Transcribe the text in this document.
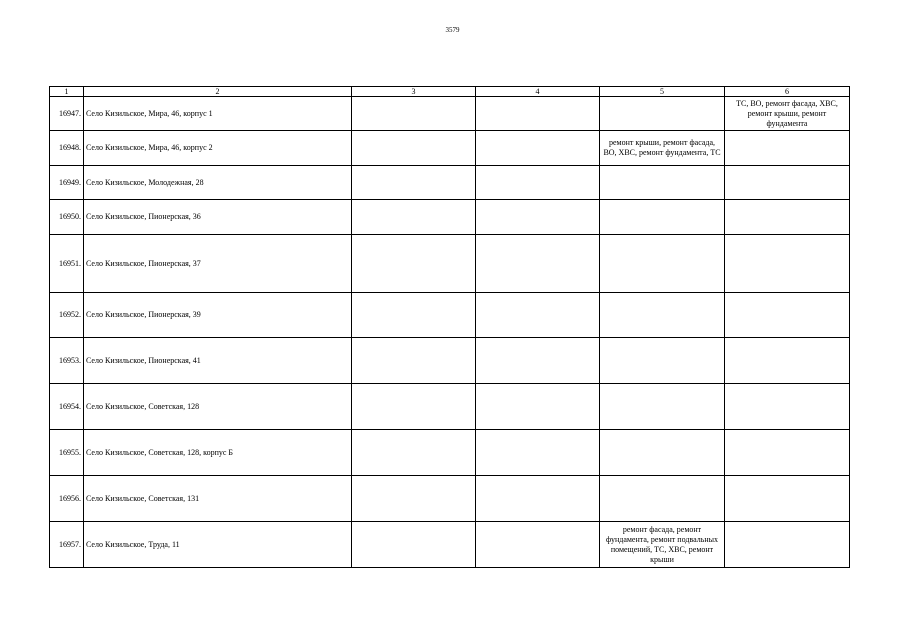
3579
1	2	3	4	5	6
16947.	Село Кизильское, Мира, 46, корпус 1				ТС, ВО, ремонт фасада, ХВС, ремонт крыши, ремонт фундамента
16948.	Село Кизильское, Мира, 46, корпус 2			ремонт крыши, ремонт фасада, ВО, ХВС, ремонт фундамента, ТС	
16949.	Село Кизильское, Молодежная, 28				
16950.	Село Кизильское, Пионерская, 36				
16951.	Село Кизильское, Пионерская, 37				
16952.	Село Кизильское, Пионерская, 39				
16953.	Село Кизильское, Пионерская, 41				
16954.	Село Кизильское, Советская, 128				
16955.	Село Кизильское, Советская, 128, корпус Б				
16956.	Село Кизильское, Советская, 131				
16957.	Село Кизильское, Труда, 11			ремонт фасада, ремонт фундамента, ремонт подвальных помещений, ТС, ХВС, ремонт крыши	
